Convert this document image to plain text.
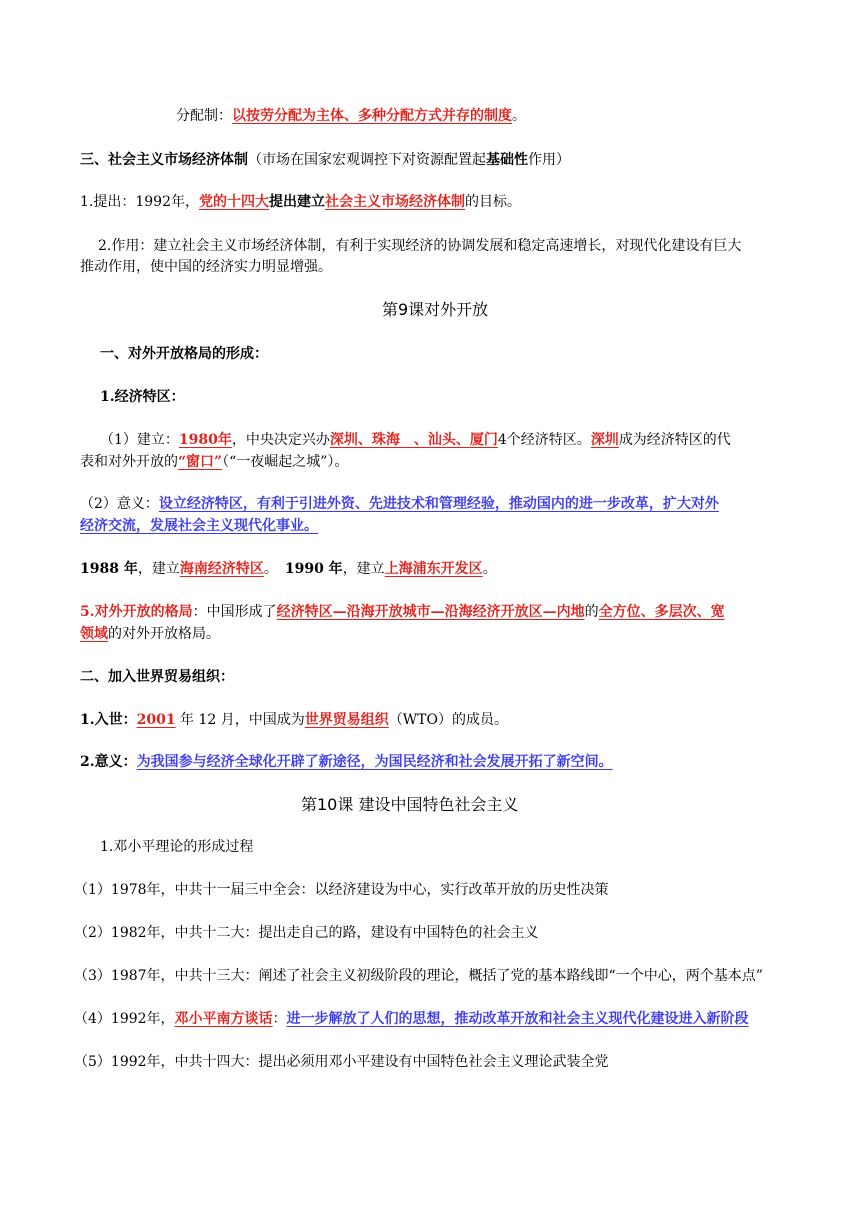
分配制：以按劳分配为主体、多种分配方式并存的制度。
三、社会主义市场经济体制（市场在国家宏观调控下对资源配置起基础性作用）
1.提出：1992年，党的十四大提出建立社会主义市场经济体制的目标。
2.作用：建立社会主义市场经济体制，有利于实现经济的协调发展和稳定高速增长，对现代化建设有巨大
推动作用，使中国的经济实力明显增强。
第9课对外开放
一、对外开放格局的形成：
1.经济特区：
（1）建立：1980年，中央决定兴办深圳、珠海　、汕头、厦门4个经济特区。深圳成为经济特区的代
表和对外开放的“窗口”（“一夜崛起之城”）。
（2）意义：设立经济特区，有利于引进外资、先进技术和管理经验，推动国内的进一步改革，扩大对外
经济交流，发展社会主义现代化事业。
1988 年，建立海南经济特区。　1990 年，建立上海浦东开发区。
5.对外开放的格局：中国形成了经济特区—沿海开放城市—沿海经济开放区—内地的全方位、多层次、宽
领域的对外开放格局。
二、加入世界贸易组织：
1.入世：2001 年 12 月，中国成为世界贸易组织（WTO）的成员。
2.意义：为我国参与经济全球化开辟了新途径，为国民经济和社会发展开拓了新空间。
第10课 建设中国特色社会主义
1.邓小平理论的形成过程
（1）1978年，中共十一届三中全会：以经济建设为中心，实行改革开放的历史性决策
（2）1982年，中共十二大：提出走自己的路，建设有中国特色的社会主义
（3）1987年，中共十三大：阐述了社会主义初级阶段的理论，概括了党的基本路线即“一个中心，两个基本点”
（4）1992年，邓小平南方谈话：进一步解放了人们的思想，推动改革开放和社会主义现代化建设进入新阶段
（5）1992年，中共十四大：提出必须用邓小平建设有中国特色社会主义理论武装全党
